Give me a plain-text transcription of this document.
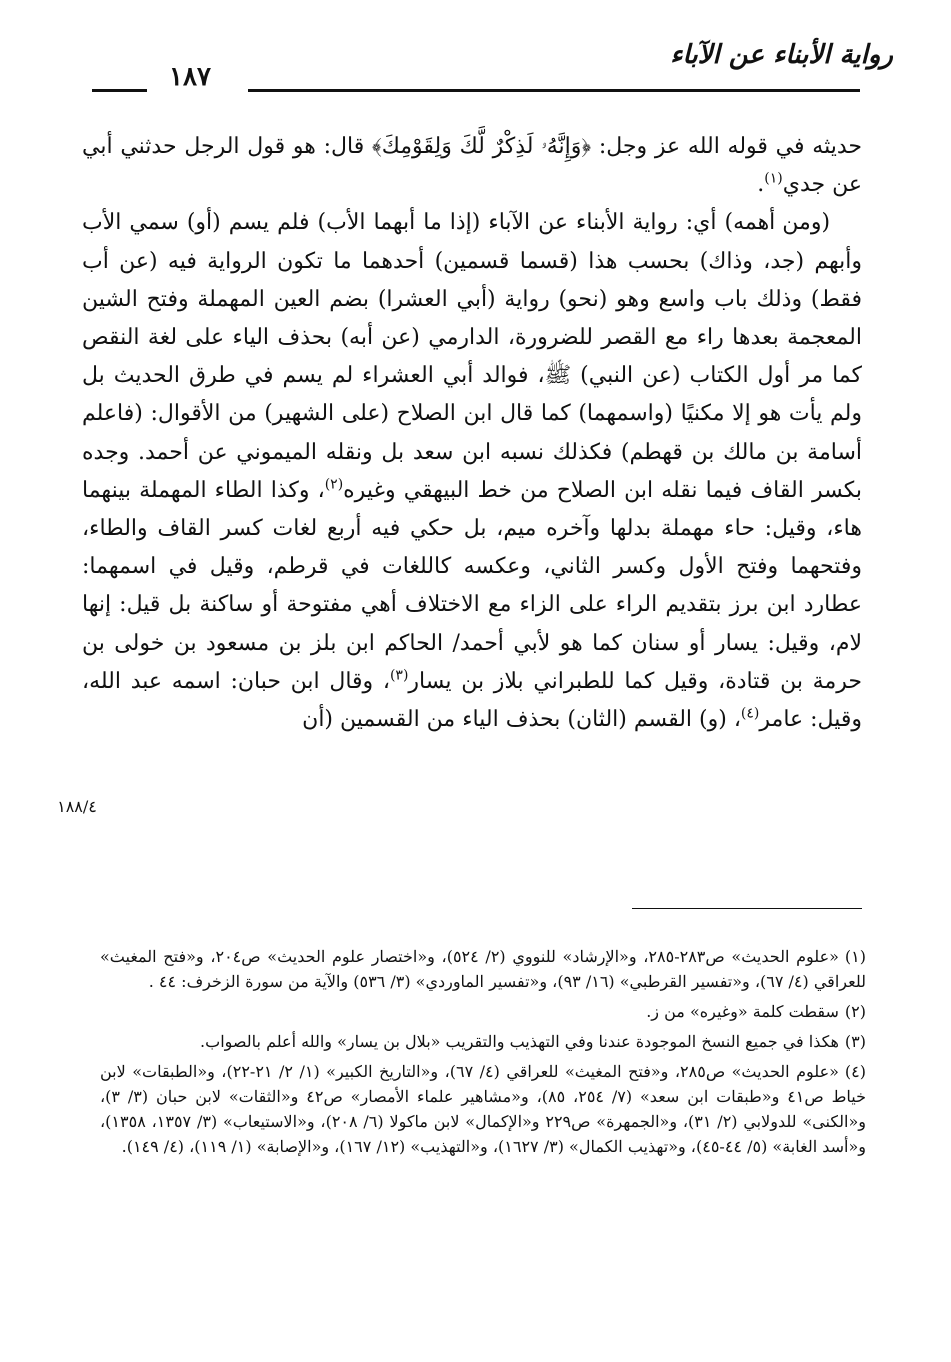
رواية الأبناء عن الآباء
١٨٧

حديثه في قوله الله عز وجل: ﴿وَإِنَّهُۥ لَذِكْرٌ لَّكَ وَلِقَوْمِكَ﴾ قال: هو قول الرجل حدثني أبي عن جدي$^{(١)}$.

(ومن أهمه) أي: رواية الأبناء عن الآباء (إذا ما أبهما الأب) فلم يسم (أو) سمي الأب وأبهم (جد، وذاك) بحسب هذا (قسما قسمين) أحدهما ما تكون الرواية فيه (عن أب فقط) وذلك باب واسع وهو (نحو) رواية (أبي العشرا) بضم العين المهملة وفتح الشين المعجمة بعدها راء مع القصر للضرورة، الدارمي (عن أبه) بحذف الياء على لغة النقص كما مر أول الكتاب (عن النبي) ﷺ، فوالد أبي العشراء لم يسم في طرق الحديث بل ولم يأت هو إلا مكنيًا (واسمهما) كما قال ابن الصلاح (على الشهير) من الأقوال: (فاعلم أسامة بن مالك بن قهطم) فكذلك نسبه ابن سعد بل ونقله الميموني عن أحمد. وجده بكسر القاف فيما نقله ابن الصلاح من خط البيهقي وغيره$^{(٢)}$، وكذا الطاء المهملة بينهما هاء، وقيل: حاء مهملة بدلها وآخره ميم، بل حكي فيه أربع لغات كسر القاف والطاء، وفتحهما وفتح الأول وكسر الثاني، وعكسه كاللغات في قرطم، وقيل في اسمهما: عطارد ابن برز بتقديم الراء على الزاء مع الاختلاف أهي مفتوحة أو ساكنة بل قيل: إنها لام، وقيل: يسار أو سنان كما هو لأبي أحمد/ الحاكم ابن بلز بن مسعود بن خولى بن حرمة بن قتادة، وقيل كما للطبراني بلاز بن يسار$^{(٣)}$، وقال ابن حبان: اسمه عبد الله، وقيل: عامر$^{(٤)}$، (و) القسم (الثان) بحذف الياء من القسمين (أن

١٨٨/٤

(١)«علوم الحديث» ص٢٨٣-٢٨٥، و«الإرشاد» للنووي (٢/ ٥٢٤)، و«اختصار علوم الحديث» ص٢٠٤، و«فتح المغيث» للعراقي (٤/ ٦٧)، و«تفسير القرطبي» (١٦/ ٩٣)، و«تفسير الماوردي» (٣/ ٥٣٦) والآية من سورة الزخرف: ٤٤ .

(٢)سقطت كلمة «وغيره» من ز.

(٣)هكذا في جميع النسخ الموجودة عندنا وفي التهذيب والتقريب «بلال بن يسار» والله أعلم بالصواب.

(٤)«علوم الحديث» ص٢٨٥، و«فتح المغيث» للعراقي (٤/ ٦٧)، و«التاريخ الكبير» (١/ ٢/ ٢١-٢٢)، و«الطبقات» لابن خياط ص٤١ و«طبقات ابن سعد» (٧/ ٢٥٤، ٨٥)، و«مشاهير علماء الأمصار» ص٤٢ و«الثقات» لابن حبان (٣/ ٣)، و«الكنى» للدولابي (٢/ ٣١)، و«الجمهرة» ص٢٢٩ و«الإكمال» لابن ماكولا (٦/ ٢٠٨)، و«الاستيعاب» (٣/ ١٣٥٧، ١٣٥٨)، و«أسد الغابة» (٥/ ٤٤-٤٥)، و«تهذيب الكمال» (٣/ ١٦٢٧)، و«التهذيب» (١٢/ ١٦٧)، و«الإصابة» (١/ ١١٩)، (٤/ ١٤٩).
